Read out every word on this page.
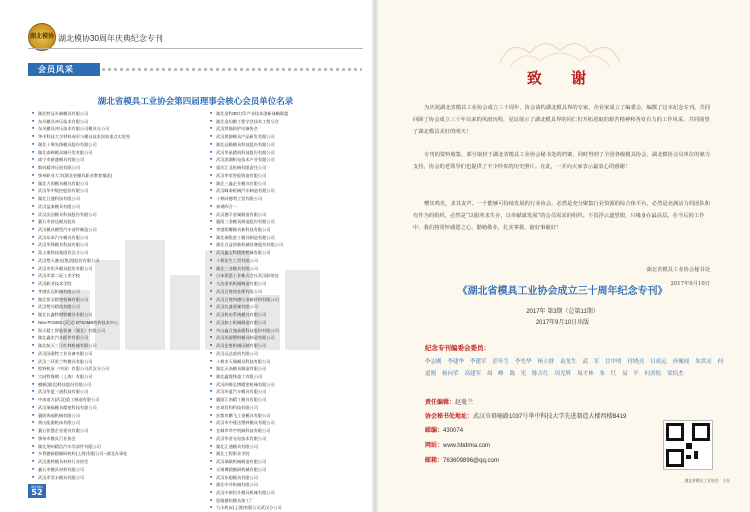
湖北模协 湖北模协30周年庆典纪念专刊
会员风采
湖北省模具工业协会第四届理事会核心会员单位名录
■ 湖北特冠车辆模具有限公司
■ 东风模具冲压技术有限公司
■ 东风模具冲压技术有限公司模具分公司
■ 华中科技大学材料成形与模具技术国家重点实验室
■ 湖北十堰先锋模具股份有限公司
■ 湖北泰辉模具城开发有限公司
■ 咸宁市新盛模具有限公司
■ 数码精冲压机有限公司
■ 鄂州职业大学(湖北省模具职业教育集团)
■ 湖北力固模具模具有限公司
■ 武汉华中数控股份有限公司
■ 湖北日盛科技有限公司
■ 武汉益泰模具有限公司
■ 武汉法因模具科技股份有限公司
■ 襄石市持达模具股份
■ 武汉模具模型汽车部件制造公司
■ 武汉东本汽车模具有限公司
■ 武汉华锋模具科技有限公司
■ 富士康科技集团武汉分公司
■ 武汉楚天激光(集团)股份有限公司
■ 武汉市恒升模具股份有限公司
■ 武汉市第二轻工业学校
■ 武汉职业技术学院
■ 孝感宏远机械有限公司
■ 湖北恒宝精密机械有限公司
■ 武汉楚河精机有限公司
■ 湖北长鑫特钢铁模具有限公司
■ New PCEBG (武汉) DTSAMB机构技术中心
■ 海天精工智能装备（湖北）有限公司
■ 湖北鑫宏汽车配件有限公司
■ 湖北航天三江红林机械有限公司
■ 武汉国嘉特工业设备有限公司
■ 武汉三环雷兰特模具有限公司
■ 牧野机床（中国）有限公司武汉分公司
■ 大同特殊钢（上海）有限公司
■ 模帜(湖北)科技股份有限公司
■ 武汉华夏三通科技有限公司
■ 中南南方(武汉)重工制造有限公司
■ 武汉瑞福模具精密科技有限公司
■ 襄阳奔福机械有限公司
■ 黄山能源机床有限公司
■ 襄石智慧企业建设有限公司
■ 鄂州市模具行业协会
■ 湖北荆州精信汽车零部件有限公司
■ 多利德新精模研机构(上海)有限公司--湖北办事处
■ 武汉奥特模具材料行业协会
■ 襄石市模具材料有限公司
■ 武汉市美丰模具有限公司
■ 湖北金和3D打印产业技术创新战略联盟
■ 湖北金坦模工程学会技术工程分会
■ 武汉铁锚防护设备协会
■ 武汉琪源模具产品研发有限公司
■ 湖北远瞻模具科技股份有限公司
■ 武汉华星精机科技股份有限公司
■ 武汉滨湖机电技术产业有限公司
■ 重庆江北机械有限责任公司
■ 武汉华堂智能铸造有限公司
■ 湖北三鑫企业模具有限公司
■ 武汉峰泰机械汽车制造有限公司
■ 十堰同德利工贸有限公司
■ 泰钢四合一
■ 武汉德孚金属制造有限公司
■ 襄阳三金模具制造股份有限公司
■ 孝感翔鹰模具新科技有限公司
■ 湖北瑞锐金工模具制造有限公司
■ 湖北百益创新机械装备股份有限公司
■ 武汉鑫宝科精密机械有限公司
■ 十堰佳生工贸有限公司
■ 湖北三业模具有限公司
■ 日本莱恩工业株式会社武汉联络处
■ 大冶金来机械制造有限公司
■ 武汉百胜热处理有限公司
■ 武汉百胜和德压金属材料有限公司
■ 武汉长盛金属有限公司
■ 武汉机布系统模具有限公司
■ 武汉扣工机械制造有限公司
■ 中山鑫百盛高精科技股份有限公司
■ 武汉凤源塑料模具制造有限公司
■ 武汉佳胜机械压制有限公司
■ 武汉远达重机有限公司
■ 十堰市天瑞模具科技有限公司
■ 湖北天高模具制造有限公司
■ 湖北鑫俊锋重工有限公司
■ 武汉四维弘博精密机械有限公司
■ 武汉华夏汽车模具有限公司
■ 襄阳江南精工模具有限公司
■ 宏泰发和科技有限公司
■ 宏都市鹏飞工金模具有限公司
■ 武汉市中燕达塑料模具有限公司
■ 宜城市华宇机械科技有限公司
■ 武汉华晋光电技术有限公司
■ 湖北汇通模具有限公司
■ 湖北工程职业学院
■ 武汉瑞联机械制造有限公司
■ 无锡博精模研机械有限公司
■ 武汉东超模具有限公司
■ 湖北中升机械有限公司
■ 武汉中新恒升模具机械有限公司
■ 恩施德恒模具加工厂
■ 力丰机床(上海)有限公司武汉分公司
湖北模协
52
致 谢
为庆祝湖北省模具工业协会成立三十周年，协会请约湖北模具界的专家、企业家成立了编委会，编撰了这本纪念专刊。共同回顾了协会成立三十年以来的风雨历程，见证展示了湖北模具界的同仁们开拓进取的艰苦精神和各发有力的工作风采，共同展望了湖北模具美好的明天！
专刊的资料收集，部分取材于湖北省模具工业协会秘书处的档案，同时得到了全国各级模具协会、湖北模协会员单位的鼎力支持，协会的老领导们也提供了不少珍贵的历史照片。在此，一并向大家表示最衷心的感谢！
嘤其鸣矣，求其友声。一个能够可持续发展的行业协会，必然是充分聚集行业资源的综合体平台，必然是充满活力的团队和有作为的组织，必然是“以服务求生存，以奉献谋发展”的会员需求的组织。不畏浮云遮望眼，只缘身在最高层。在今后的工作中，我们将常怀感恩之心，勤勉敬业，扎实掌握，披好事毅好！
湖北省模具工业协会秘书处
2017年9月10日
《湖北省模具工业协会成立三十周年纪念专刊》
2017年 第3期（总第11期）
2017年9月10日出版
纪念专刊编委会委员：
李志刚 李建华 李建军 彭年生 李先华 杨立群 袁龙生 武　军 甘中明 付晓亮 吕成远 孙豫闻 朱洪亮 何道刚 杨向荣 高建军 周　峰 陈　见 陈吉红 周光辉 周才林 朱　红 易　平 何劲松 梁培杰
责任编辑：赵曼兰
协会秘书处地址：武汉市珞喻路1037号华中科技大学先进制造大楼西楼B419
邮编：430074
网站：www.hbdmia.com
邮箱：763609896@qq.com
湖北省模具工业协会　主办
